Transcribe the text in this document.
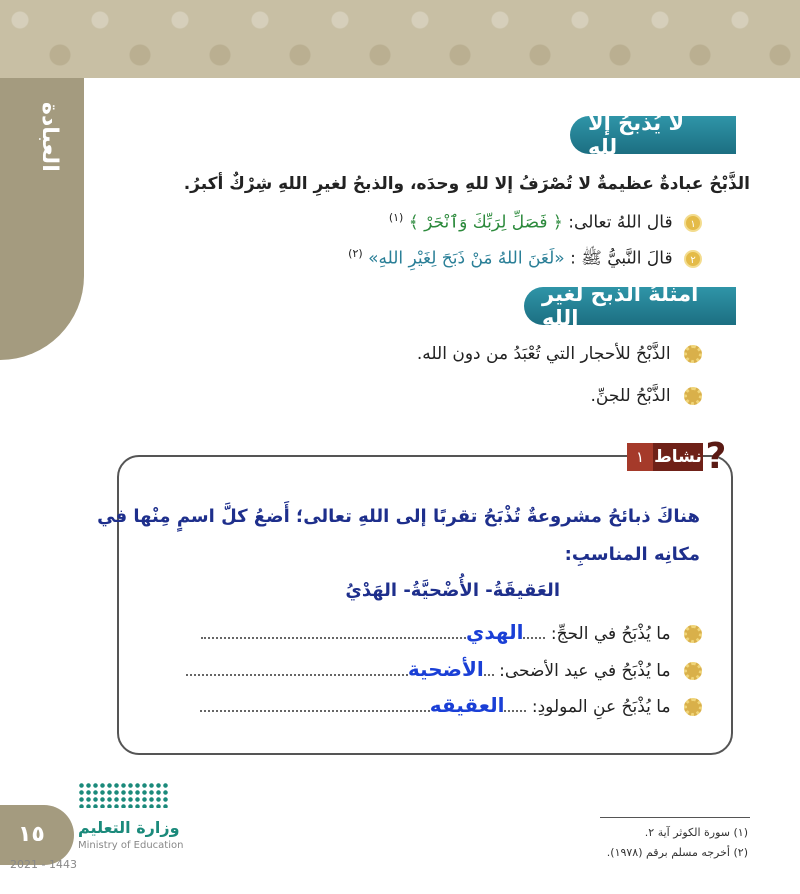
العبادة	لا يُذبحُ إلا لله
الذَّبْحُ عبادةٌ عظيمةٌ لا تُصْرَفُ إلا للهِ وحدَه، والذبحُ لغيرِ اللهِ شِرْكٌ أكبرُ.
١ قال اللهُ تعالى: ﴿ فَصَلِّ لِرَبِّكَ وَٱنْحَرْ ﴾ $^{(١)}$
٢ قالَ النَّبيُّ ﷺ : «لَعَنَ اللهُ مَنْ ذَبَحَ لِغَيْرِ اللهِ» $^{(٢)}$
أمثلةُ الذبح لغير الله
الذَّبْحُ للأحجار التي تُعْبَدُ من دون الله.
الذَّبْحُ للجنِّ.
?
نشاط
١
هناكَ ذبائحُ مشروعةٌ تُذْبَحُ تقربًا إلى اللهِ تعالى؛ أَضعُ كلَّ اسمٍ مِنْها في
مكانِه المناسبِ:
العَقيقَةُ- الأُضْحيَّةُ- الهَدْيُ
ما يُذْبَحُ في الحجِّ: الهدي
ما يُذْبَحُ في عيد الأضحى: الأضحية
ما يُذْبَحُ عنِ المولودِ: العقيقه
١٥ وزارة التعليم
Ministry of Education
2021 - 1443
(١) سورة الكوثر آية ٢.
(٢) أخرجه مسلم برقم (١٩٧٨).
